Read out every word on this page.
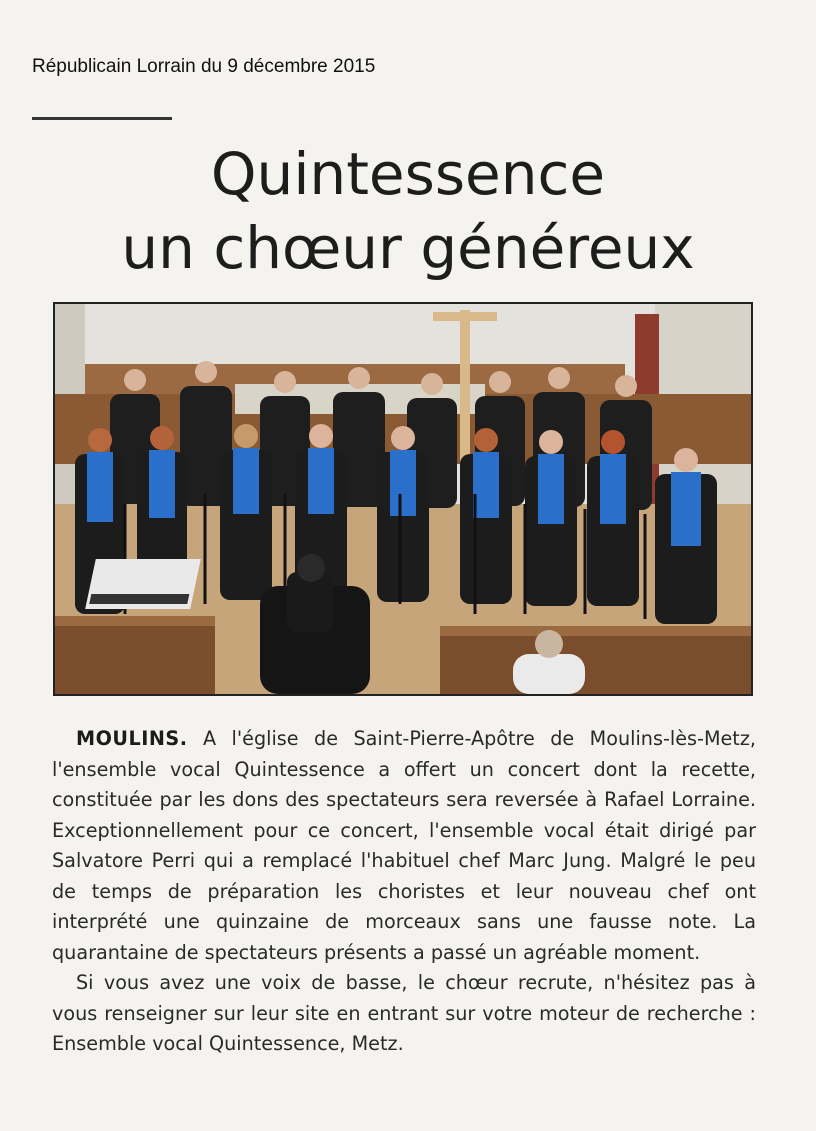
Républicain Lorrain du 9 décembre 2015
Quintessence
un chœur généreux

MOULINS. A l'église de Saint-Pierre-Apôtre de Moulins-lès-Metz, l'ensemble vocal Quintessence a offert un concert dont la recette, constituée par les dons des spectateurs sera reversée à Rafael Lorraine. Exceptionnellement pour ce concert, l'ensemble vocal était dirigé par Salvatore Perri qui a remplacé l'habituel chef Marc Jung. Malgré le peu de temps de préparation les choristes et leur nouveau chef ont interprété une quinzaine de morceaux sans une fausse note. La quarantaine de spectateurs présents a passé un agréable moment.

Si vous avez une voix de basse, le chœur recrute, n'hésitez pas à vous renseigner sur leur site en entrant sur votre moteur de recherche : Ensemble vocal Quintessence, Metz.
